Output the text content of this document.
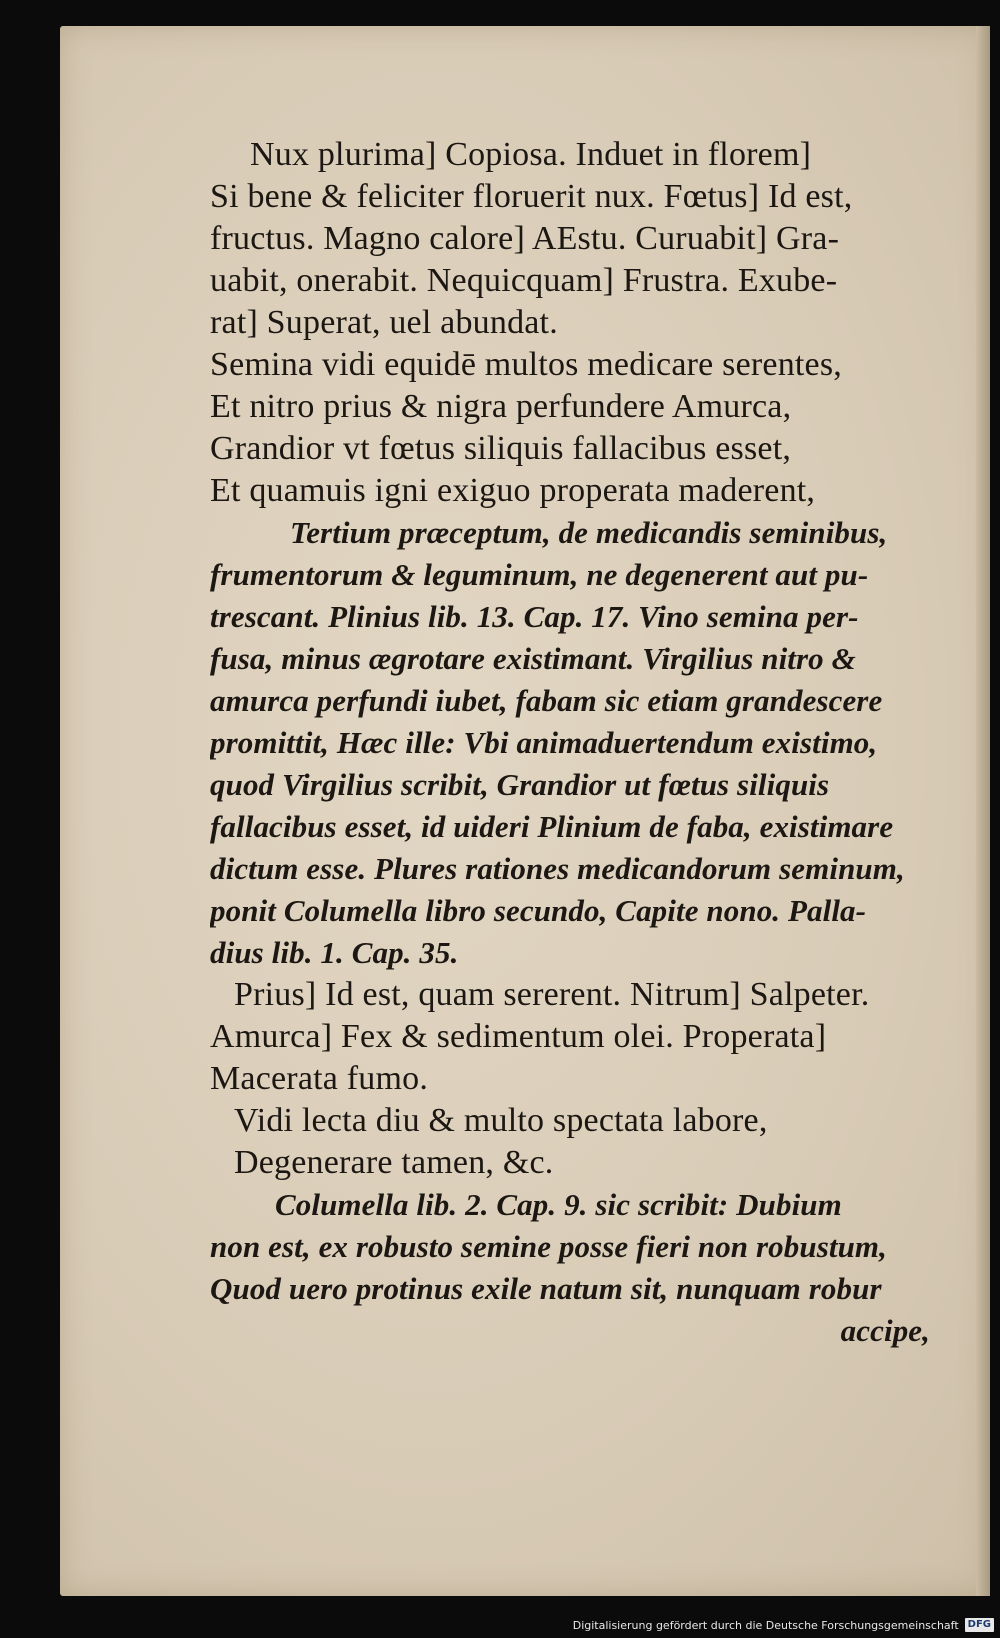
Nux plurima] Copiosa. Induet in florem]
Si bene & feliciter floruerit nux. Fœtus] Id est,
fructus. Magno calore] AEstu. Curuabit] Gra-
uabit, onerabit. Nequicquam] Frustra. Exube-
rat] Superat, uel abundat.
Semina vidi equidē multos medicare serentes,
Et nitro prius & nigra perfundere Amurca,
Grandior vt fœtus siliquis fallacibus esset,
Et quamuis igni exiguo properata maderent,
Tertium præceptum, de medicandis seminibus,
frumentorum & leguminum, ne degenerent aut pu-
trescant. Plinius lib. 13. Cap. 17. Vino semina per-
fusa, minus ægrotare existimant. Virgilius nitro &
amurca perfundi iubet, fabam sic etiam grandescere
promittit, Hæc ille: Vbi animaduertendum existimo,
quod Virgilius scribit, Grandior ut fœtus siliquis
fallacibus esset, id uideri Plinium de faba, existimare
dictum esse. Plures rationes medicandorum seminum,
ponit Columella libro secundo, Capite nono. Palla-
dius lib. 1. Cap. 35.
Prius] Id est, quam sererent. Nitrum] Salpeter.
Amurca] Fex & sedimentum olei. Properata]
Macerata fumo.
Vidi lecta diu & multo spectata labore,
Degenerare tamen, &c.
Columella lib. 2. Cap. 9. sic scribit: Dubium
non est, ex robusto semine posse fieri non robustum,
Quod uero protinus exile natum sit, nunquam robur
accipe,
Digitalisierung gefördert durch die Deutsche Forschungsgemeinschaft DFG
